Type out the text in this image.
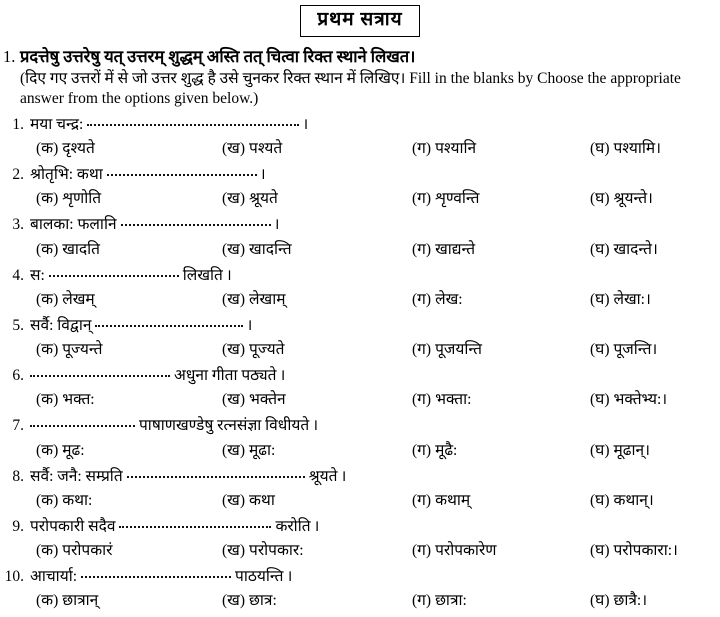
प्रथम सत्राय
1. प्रदत्तेषु उत्तरेषु यत् उत्तरम् शुद्धम् अस्ति तत् चित्वा रिक्त स्थाने लिखत।
(दिए गए उत्तरों में से जो उत्तर शुद्ध है उसे चुनकर रिक्त स्थान में लिखिए। Fill in the blanks by Choose the appropriate answer from the options given below.)
1. मया चन्द्र:	।
(क) दृश्यते	(ख) पश्यते	(ग) पश्यानि	(घ) पश्यामि।
2. श्रोतृभि: कथा	।
(क) शृणोति	(ख) श्रूयते	(ग) शृण्वन्ति	(घ) श्रूयन्ते।
3. बालका: फलानि	।
(क) खादति	(ख) खादन्ति	(ग) खाद्यन्ते	(घ) खादन्ते।
4. स:	लिखति ।
(क) लेखम्	(ख) लेखाम्	(ग) लेख:	(घ) लेखा:।
5. सर्वै: विद्वान्	।
(क) पूज्यन्ते	(ख) पूज्यते	(ग) पूजयन्ति	(घ) पूजन्ति।
6.	अधुना गीता पठ्यते ।
(क) भक्त:	(ख) भक्तेन	(ग) भक्ता:	(घ) भक्तेभ्य:।
7.	पाषाणखण्डेषु रत्नसंज्ञा विधीयते ।
(क) मूढ:	(ख) मूढा:	(ग) मूढै:	(घ) मूढान्।
8. सर्वै: जनै: सम्प्रति	श्रूयते ।
(क) कथा:	(ख) कथा	(ग) कथाम्	(घ) कथान्।
9. परोपकारी सदैव	करोति ।
(क) परोपकारं	(ख) परोपकार:	(ग) परोपकारेण	(घ) परोपकारा:।
10. आचार्या:	पाठयन्ति ।
(क) छात्रान्	(ख) छात्र:	(ग) छात्रा:	(घ) छात्रै:।
